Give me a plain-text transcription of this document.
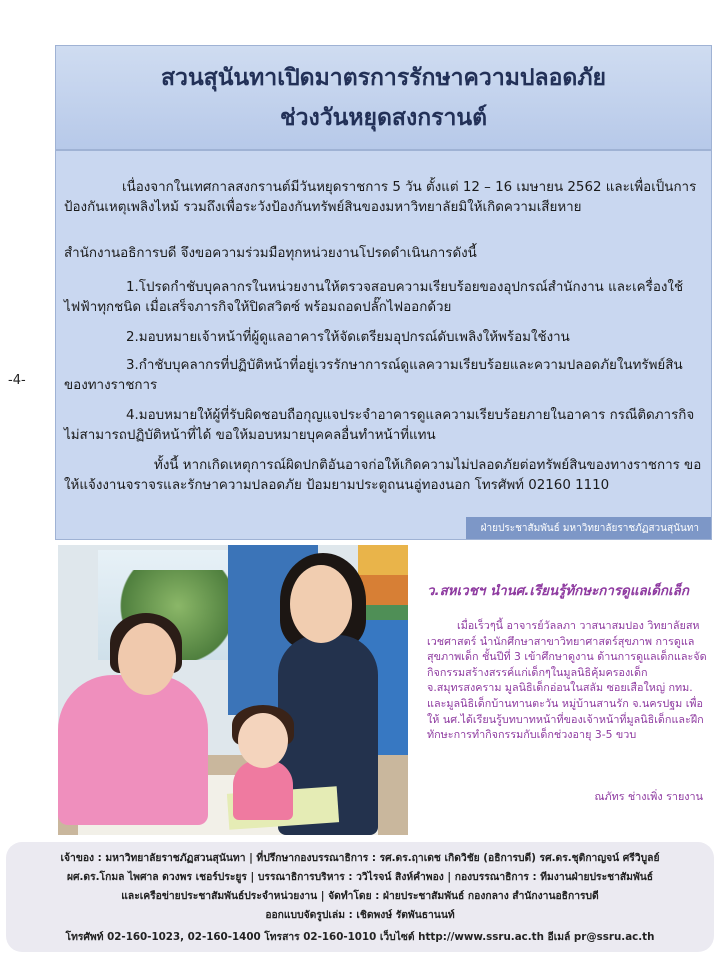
-4-
สวนสุนันทาเปิดมาตรการรักษาความปลอดภัย
ช่วงวันหยุดสงกรานต์
เนื่องจากในเทศกาลสงกรานต์มีวันหยุดราชการ 5 วัน ตั้งแต่ 12 – 16 เมษายน 2562 และเพื่อเป็นการป้องกันเหตุเพลิงไหม้ รวมถึงเพื่อระวังป้องกันทรัพย์สินของมหาวิทยาลัยมิให้เกิดความเสียหาย
สำนักงานอธิการบดี จึงขอความร่วมมือทุกหน่วยงานโปรดดำเนินการดังนี้
1.โปรดกำชับบุคลากรในหน่วยงานให้ตรวจสอบความเรียบร้อยของอุปกรณ์สำนักงาน และเครื่องใช้ไฟฟ้าทุกชนิด เมื่อเสร็จภารกิจให้ปิดสวิตซ์ พร้อมถอดปลั๊กไฟออกด้วย
2.มอบหมายเจ้าหน้าที่ผู้ดูแลอาคารให้จัดเตรียมอุปกรณ์ดับเพลิงให้พร้อมใช้งาน
3.กำชับบุคลากรที่ปฏิบัติหน้าที่อยู่เวรรักษาการณ์ดูแลความเรียบร้อยและความปลอดภัยในทรัพย์สินของทางราชการ
4.มอบหมายให้ผู้ที่รับผิดชอบถือกุญแจประจำอาคารดูแลความเรียบร้อยภายในอาคาร กรณีติดภารกิจไม่สามารถปฏิบัติหน้าที่ได้ ขอให้มอบหมายบุคคลอื่นทำหน้าที่แทน
ทั้งนี้ หากเกิดเหตุการณ์ผิดปกติอันอาจก่อให้เกิดความไม่ปลอดภัยต่อทรัพย์สินของทางราชการ ขอให้แจ้งงานจราจรและรักษาความปลอดภัย ป้อมยามประตูถนนอู่ทองนอก โทรศัพท์ 02160 1110
ฝ่ายประชาสัมพันธ์ มหาวิทยาลัยราชภัฏสวนสุนันทา
ว.สหเวชฯ นำนศ.เรียนรู้ทักษะการดูแลเด็กเล็ก
เมื่อเร็วๆนี้ อาจารย์วัลลภา วาสนาสมปอง วิทยาลัยสหเวชศาสตร์ นำนักศึกษาสาขาวิทยาศาสตร์สุขภาพ การดูแลสุขภาพเด็ก ชั้นปีที่ 3 เข้าศึกษาดูงาน ด้านการดูแลเด็กและจัดกิจกรรมสร้างสรรค์แก่เด็กๆในมูลนิธิคุ้มครองเด็ก จ.สมุทรสงคราม มูลนิธิเด็กอ่อนในสลัม ซอยเสือใหญ่ กทม. และมูลนิธิเด็กบ้านทานตะวัน หมู่บ้านสานรัก จ.นครปฐม เพื่อให้ นศ.ได้เรียนรู้บทบาทหน้าที่ของเจ้าหน้าที่มูลนิธิเด็กและฝึกทักษะการทำกิจกรรมกับเด็กช่วงอายุ 3-5 ขวบ
ณภัทร ช่างเพิ่ง รายงาน
เจ้าของ : มหาวิทยาลัยราชภัฏสวนสุนันทา | ที่ปรึกษากองบรรณาธิการ : รศ.ดร.ฤาเดช เกิดวิชัย (อธิการบดี) รศ.ดร.ชุติกาญจน์ ศรีวิบูลย์
ผศ.ดร.โกมล ไพศาล ดวงพร เชอร์ประยูร | บรรณาธิการบริหาร : ววิไรจน์ สิงห์คำพอง | กองบรรณาธิการ : ทีมงานฝ่ายประชาสัมพันธ์
และเครือข่ายประชาสัมพันธ์ประจำหน่วยงาน | จัดทำโดย : ฝ่ายประชาสัมพันธ์ กองกลาง สำนักงานอธิการบดี
ออกแบบจัดรูปเล่ม : เชิดพงษ์ รัตพันธานนท์
โทรศัพท์ 02-160-1023, 02-160-1400 โทรสาร 02-160-1010 เว็บไซต์ http://www.ssru.ac.th อีเมล์ pr@ssru.ac.th
